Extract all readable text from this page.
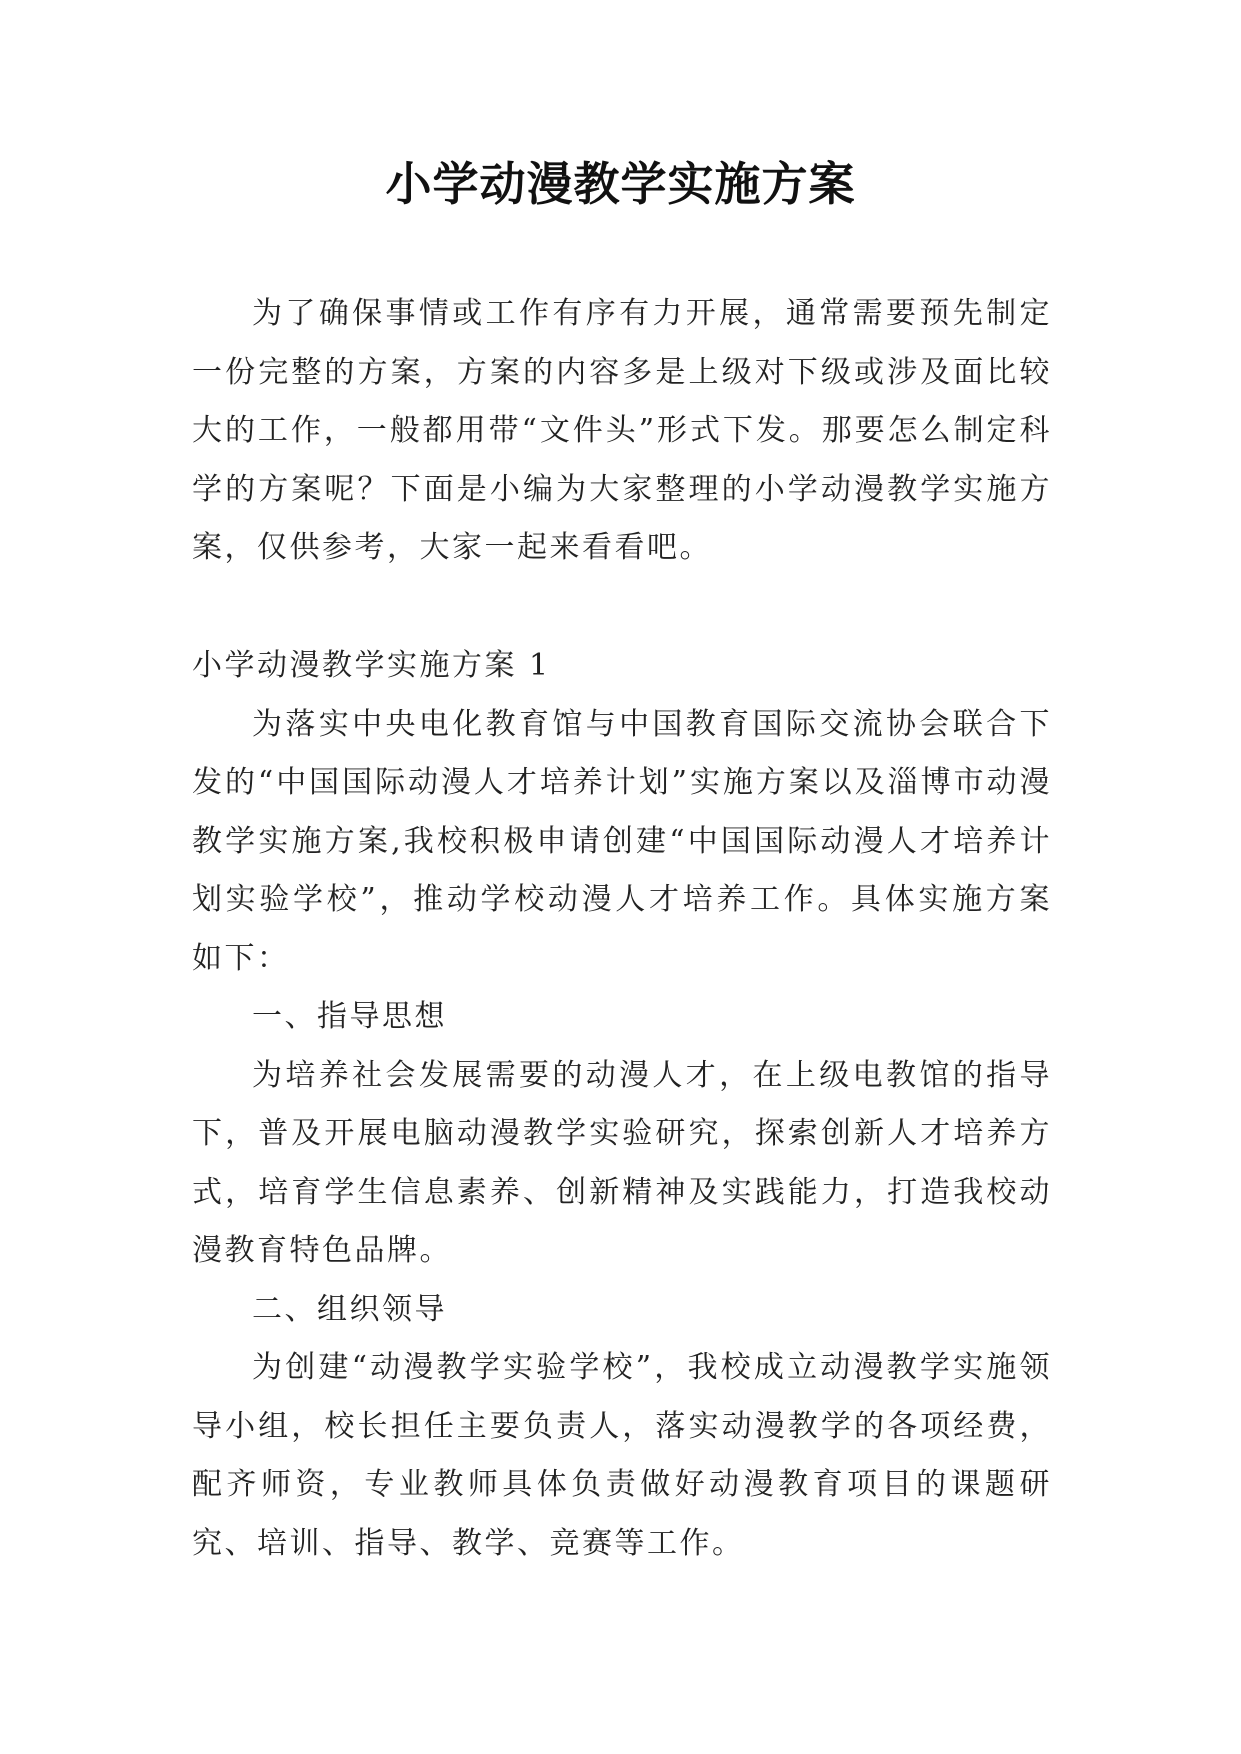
小学动漫教学实施方案

为了确保事情或工作有序有力开展，通常需要预先制定一份完整的方案，方案的内容多是上级对下级或涉及面比较大的工作，一般都用带“文件头”形式下发。那要怎么制定科学的方案呢？下面是小编为大家整理的小学动漫教学实施方案，仅供参考，大家一起来看看吧。

小学动漫教学实施方案 1

为落实中央电化教育馆与中国教育国际交流协会联合下发的“中国国际动漫人才培养计划”实施方案以及淄博市动漫教学实施方案,我校积极申请创建“中国国际动漫人才培养计划实验学校”，推动学校动漫人才培养工作。具体实施方案如下：

一、指导思想

为培养社会发展需要的动漫人才，在上级电教馆的指导下，普及开展电脑动漫教学实验研究，探索创新人才培养方式，培育学生信息素养、创新精神及实践能力，打造我校动漫教育特色品牌。

二、组织领导

为创建“动漫教学实验学校”，我校成立动漫教学实施领导小组，校长担任主要负责人，落实动漫教学的各项经费，配齐师资，专业教师具体负责做好动漫教育项目的课题研究、培训、指导、教学、竞赛等工作。
